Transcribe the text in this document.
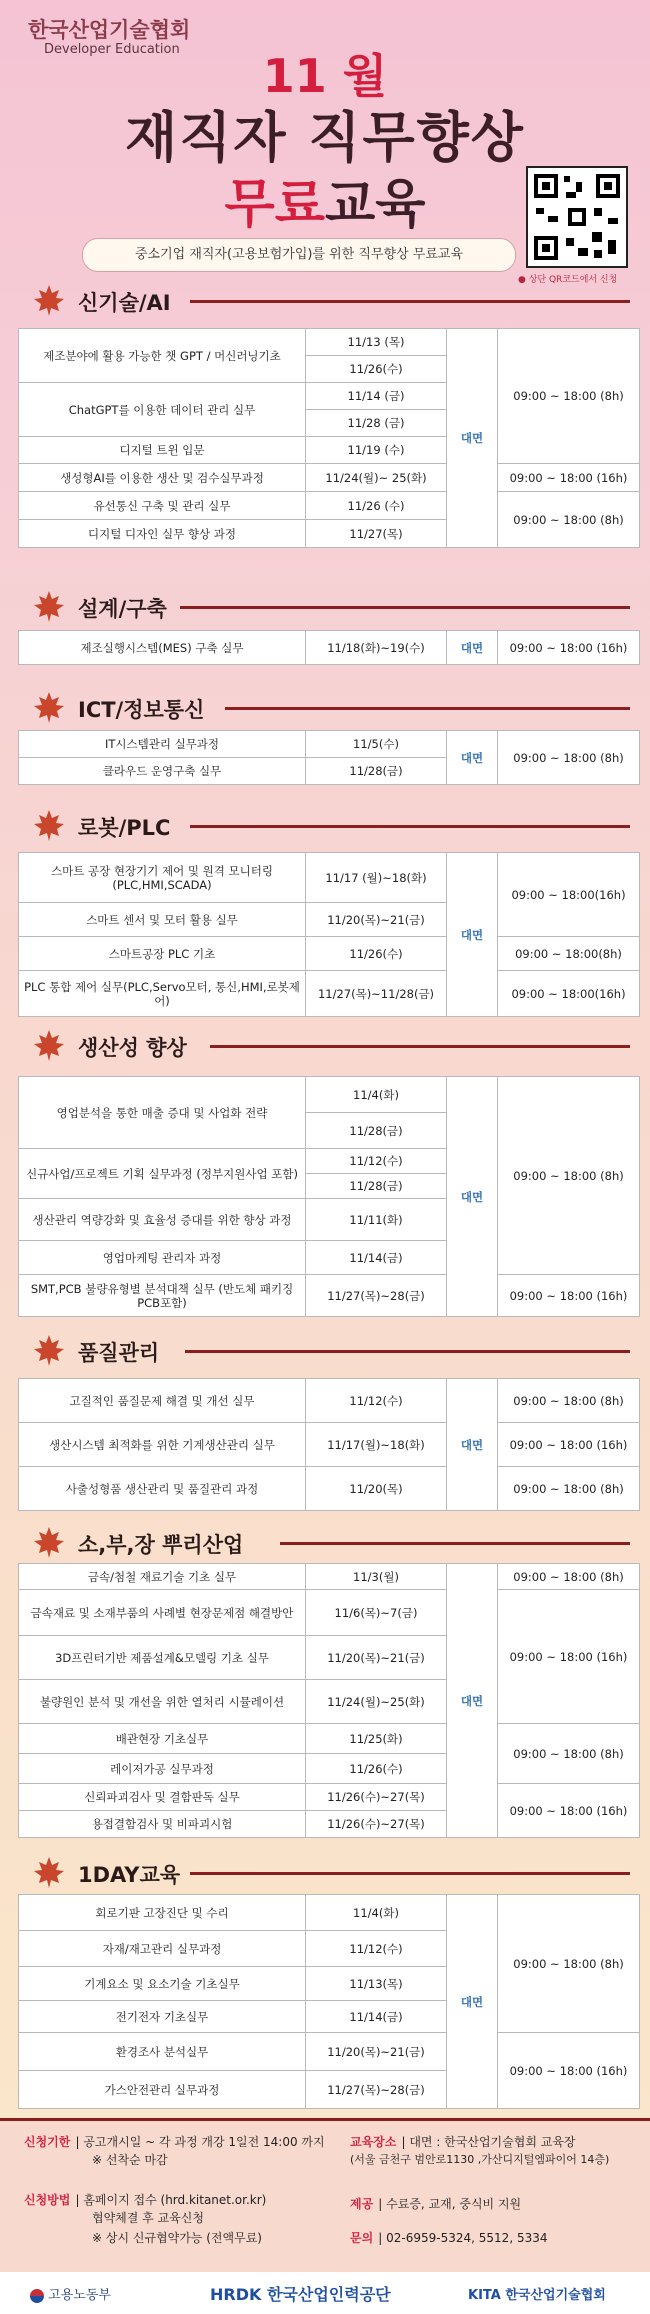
한국산업기술협회
Developer Education	11 월
재직자 직무향상
무료교육
● 상단 QR코드에서 신청
중소기업 재직자(고용보험가입)를 위한 직무향상 무료교육
신기술/AI
제조분야에 활용 가능한 챗 GPT / 머신러닝기초	11/13 (목)	대면	09:00 ~ 18:00 (8h)
	11/26(수)		
ChatGPT를 이용한 데이터 관리 실무	11/14 (금)		
	11/28 (금)		
디지털 트윈 입문	11/19 (수)		
생성형AI를 이용한 생산 및 검수실무과정	11/24(월)~ 25(화)		09:00 ~ 18:00 (16h)
유선통신 구축 및 관리 실무	11/26 (수)		09:00 ~ 18:00 (8h)
디지털 디자인 실무 향상 과정	11/27(목)		
설계/구축
제조실행시스템(MES) 구축 실무	11/18(화)~19(수)	대면	09:00 ~ 18:00 (16h)
ICT/정보통신
IT시스템관리 실무과정	11/5(수)	대면	09:00 ~ 18:00 (8h)
클라우드 운영구축 실무	11/28(금)		
로봇/PLC
스마트 공장 현장기기 제어 및 원격 모니터링 (PLC,HMI,SCADA)	11/17 (월)~18(화)	대면	09:00 ~ 18:00(16h)
스마트 센서 및 모터 활용 실무	11/20(목)~21(금)		
스마트공장 PLC 기초	11/26(수)		09:00 ~ 18:00(8h)
PLC 통합 제어 실무(PLC,Servo모터, 통신,HMI,로봇제어)	11/27(목)~11/28(금)		09:00 ~ 18:00(16h)
생산성 향상
영업분석을 통한 매출 증대 및 사업화 전략	11/4(화)	대면	09:00 ~ 18:00 (8h)
	11/28(금)		
신규사업/프로젝트 기획 실무과정 (정부지원사업 포함)	11/12(수)		
	11/28(금)		
생산관리 역량강화 및 효율성 증대를 위한 향상 과정	11/11(화)		
영업마케팅 관리자 과정	11/14(금)		

SMT,PCB 불량유형별 분석대책 실무 (반도체 패키징 PCB포함)	11/27(목)~28(금)		09:00 ~ 18:00 (16h)
품질관리
고질적인 품질문제 해결 및 개선 실무	11/12(수)	대면	09:00 ~ 18:00 (8h)
생산시스템 최적화를 위한 기계생산관리 실무	11/17(월)~18(화)		09:00 ~ 18:00 (16h)
사출성형품 생산관리 및 품질관리 과정	11/20(목)		09:00 ~ 18:00 (8h)
소,부,장 뿌리산업
금속/첨철 재료기술 기초 실무	11/3(월)	대면	09:00 ~ 18:00 (8h)
금속재료 및 소재부품의 사례별 현장문제점 해결방안	11/6(목)~7(금)		09:00 ~ 18:00 (16h)
3D프린터기반 제품설계&모델링 기초 실무	11/20(목)~21(금)		
불량원인 분석 및 개선을 위한 열처리 시뮬레이션	11/24(월)~25(화)		
배관현장 기초실무	11/25(화)		09:00 ~ 18:00 (8h)
레이저가공 실무과정	11/26(수)		
신뢰파괴검사 및 결함판독 실무	11/26(수)~27(목)		09:00 ~ 18:00 (16h)
용접결함검사 및 비파괴시험	11/26(수)~27(목)		
1DAY교육
회로기판 고장진단 및 수리	11/4(화)	대면	09:00 ~ 18:00 (8h)
자재/재고관리 실무과정	11/12(수)		
기계요소 및 요소기술 기초실무	11/13(목)		
전기전자 기초실무	11/14(금)		
환경조사 분석실무	11/20(목)~21(금)		09:00 ~ 18:00 (16h)
가스안전관리 실무과정	11/27(목)~28(금)		
신청기한 | 공고개시일 ~ 각 과정 개강 1일전 14:00 까지
※ 선착순 마감
교육장소 | 대면 : 한국산업기술협회 교육장
(서울 금천구 범안로1130 ,가산디지털엠파이어 14층)
신청방법 | 홈페이지 접수 (hrd.kitanet.or.kr)
협약체결 후 교육신청
※ 상시 신규협약가능 (전액무료)
제공 | 수료증, 교재, 중식비 지원
문의 | 02-6959-5324, 5512, 5334
고용노동부	HRDK 한국산업인력공단	KITA 한국산업기술협회
